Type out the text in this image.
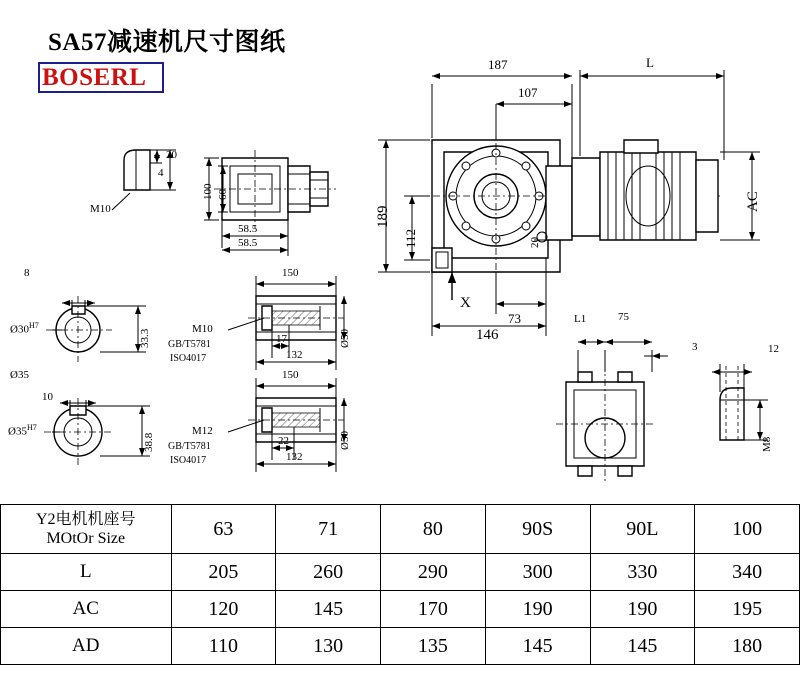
SA57减速机尺寸图纸
BOSERL
M10
20
4
100 60
58.5
58.5
8
$Ø30^{H7}$
33.3
Ø35
10
$Ø35^{H7}$
38.8
150
M10
GB/T5781
ISO4017
17
132
Ø50
150
M12
GB/T5781
ISO4017
22
132
Ø50
187
107
L
189
112	20
AC
X
73
146
L1	75
3	12
M8
Y2电机机座号
MOtOr Size	63	71	80	90S	90L	100
L	205	260	290	300	330	340
AC	120	145	170	190	190	195
AD	110	130	135	145	145	180
